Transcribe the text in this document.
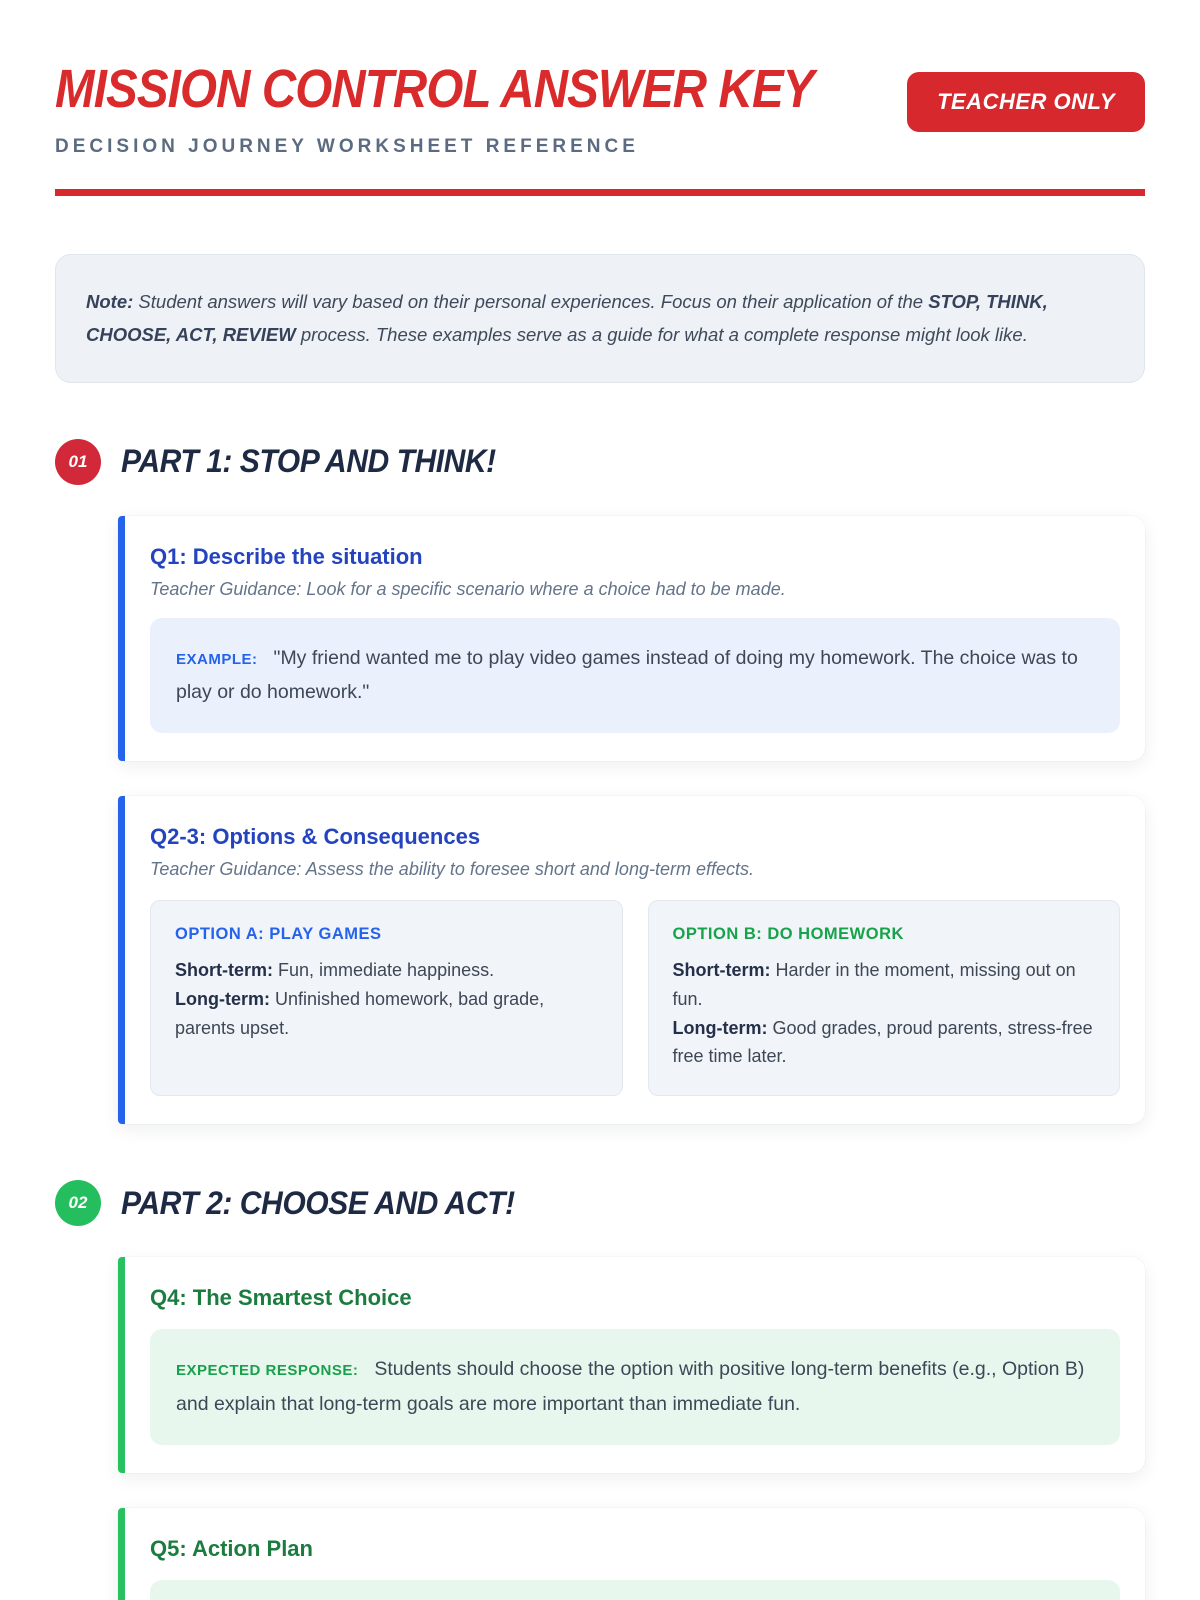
MISSION CONTROL ANSWER KEY	TEACHER ONLY
DECISION JOURNEY WORKSHEET REFERENCE
Note: Student answers will vary based on their personal experiences. Focus on their application of the STOP, THINK, CHOOSE, ACT, REVIEW process. These examples serve as a guide for what a complete response might look like.
01	PART 1: STOP AND THINK!
Q1: Describe the situation
Teacher Guidance: Look for a specific scenario where a choice had to be made.
EXAMPLE: "My friend wanted me to play video games instead of doing my homework. The choice was to play or do homework."
Q2-3: Options & Consequences
Teacher Guidance: Assess the ability to foresee short and long-term effects.
OPTION A: PLAY GAMES
Short-term: Fun, immediate happiness.
Long-term: Unfinished homework, bad grade, parents upset.
OPTION B: DO HOMEWORK
Short-term: Harder in the moment, missing out on fun.
Long-term: Good grades, proud parents, stress-free free time later.
02	PART 2: CHOOSE AND ACT!
Q4: The Smartest Choice
EXPECTED RESPONSE: Students should choose the option with positive long-term benefits (e.g., Option B) and explain that long-term goals are more important than immediate fun.
Q5: Action Plan
